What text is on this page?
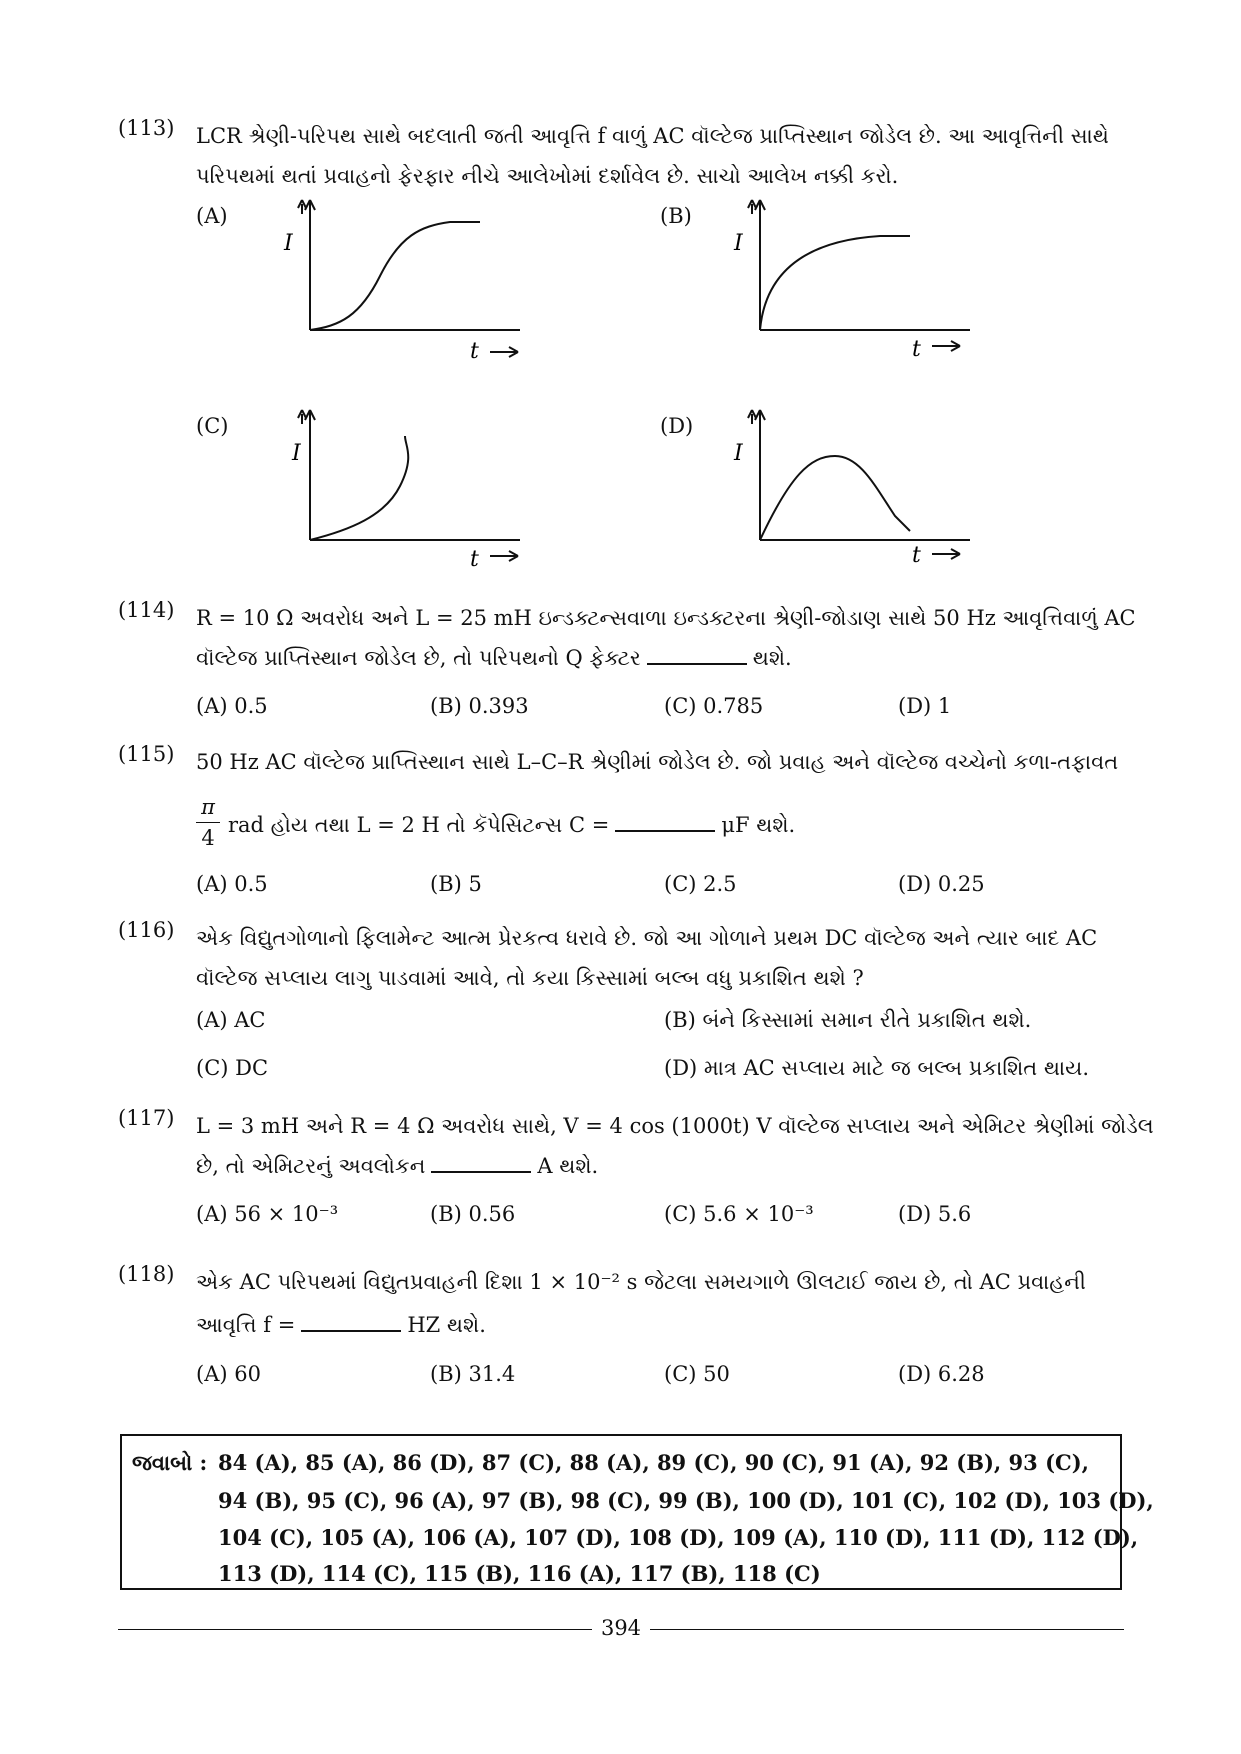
(113) LCR શ્રેણી-પરિપથ સાથે બદલાતી જતી આવૃત્તિ f વાળું AC વૉલ્ટેજ પ્રાપ્તિસ્થાન જોડેલ છે. આ આવૃત્તિની સાથે
પરિપથમાં થતાં પ્રવાહનો ફેરફાર નીચે આલેખોમાં દર્શાવેલ છે. સાચો આલેખ નક્કી કરો.
(A)
I
t
(B)
I
t
(C)
I
t
(D)
I
t
(114) R = 10 Ω અવરોધ અને L = 25 mH ઇન્ડક્ટન્સવાળા ઇન્ડક્ટરના શ્રેણી-જોડાણ સાથે 50 Hz આવૃત્તિવાળું AC
વૉલ્ટેજ પ્રાપ્તિસ્થાન જોડેલ છે, તો પરિપથનો Q ફેક્ટર	થશે.
(A) 0.5	(B) 0.393	(C) 0.785	(D) 1
(115) 50 Hz AC વૉલ્ટેજ પ્રાપ્તિસ્થાન સાથે L–C–R શ્રેણીમાં જોડેલ છે. જો પ્રવાહ અને વૉલ્ટેજ વચ્ચેનો કળા-તફાવત
π
4
rad હોય તથા L = 2 H તો કૅપેસિટન્સ C =	μF થશે.
(A) 0.5	(B) 5	(C) 2.5	(D) 0.25
(116) એક વિદ્યુતગોળાનો ફિલામેન્ટ આત્મ પ્રેરકત્વ ધરાવે છે. જો આ ગોળાને પ્રથમ DC વૉલ્ટેજ અને ત્યાર બાદ AC
વૉલ્ટેજ સપ્લાય લાગુ પાડવામાં આવે, તો કયા કિસ્સામાં બલ્બ વધુ પ્રકાશિત થશે ?
(A) AC	(B) બંને કિસ્સામાં સમાન રીતે પ્રકાશિત થશે.
(C) DC	(D) માત્ર AC સપ્લાય માટે જ બલ્બ પ્રકાશિત થાય.
(117) L = 3 mH અને R = 4 Ω અવરોધ સાથે, V = 4 cos (1000t) V વૉલ્ટેજ સપ્લાય અને એમિટર શ્રેણીમાં જોડેલ
છે, તો એમિટરનું અવલોકન	A થશે.
(A) 56 × 10⁻³	(B) 0.56	(C) 5.6 × 10⁻³	(D) 5.6
(118) એક AC પરિપથમાં વિદ્યુતપ્રવાહની દિશા 1 × 10⁻² s જેટલા સમયગાળે ઊલટાઈ જાય છે, તો AC પ્રવાહની
આવૃત્તિ f =	HZ થશે.
(A) 60	(B) 31.4	(C) 50	(D) 6.28
જવાબો : 84 (A), 85 (A), 86 (D), 87 (C), 88 (A), 89 (C), 90 (C), 91 (A), 92 (B), 93 (C),
94 (B), 95 (C), 96 (A), 97 (B), 98 (C), 99 (B), 100 (D), 101 (C), 102 (D), 103 (D),
104 (C), 105 (A), 106 (A), 107 (D), 108 (D), 109 (A), 110 (D), 111 (D), 112 (D),
113 (D), 114 (C), 115 (B), 116 (A), 117 (B), 118 (C)
394
